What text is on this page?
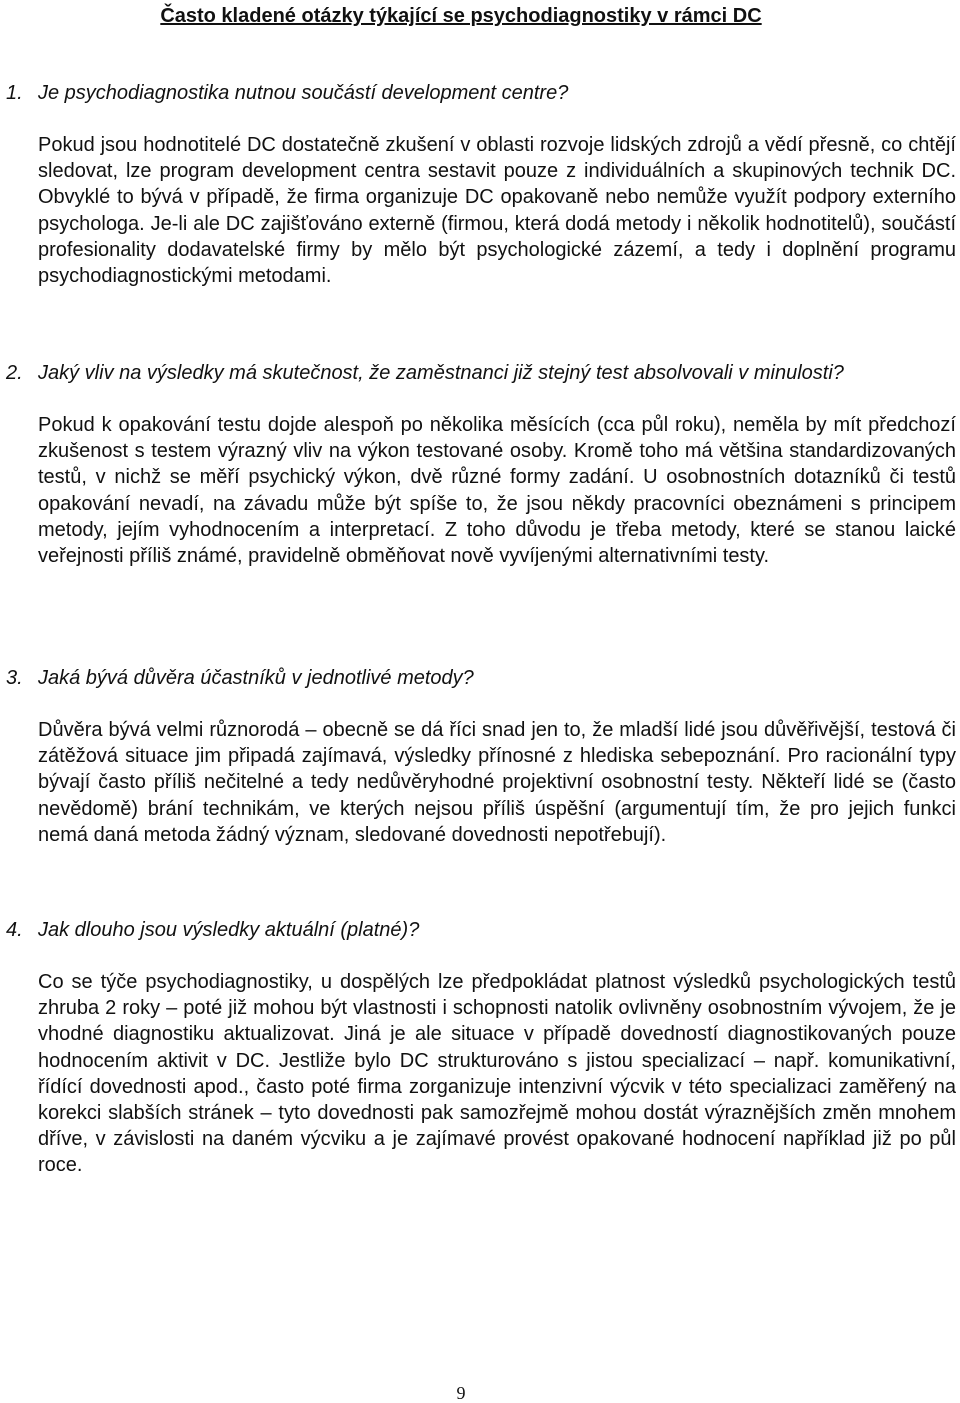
Často kladené otázky týkající se psychodiagnostiky v rámci DC
1. Je psychodiagnostika nutnou součástí development centre?

Pokud jsou hodnotitelé DC dostatečně zkušení v oblasti rozvoje lidských zdrojů a vědí přesně, co chtějí sledovat, lze program development centra sestavit pouze z individuálních a skupinových technik DC. Obvyklé to bývá v případě, že firma organizuje DC opakovaně nebo nemůže využít podpory externího psychologa. Je-li ale DC zajišťováno externě (firmou, která dodá metody i několik hodnotitelů), součástí profesionality dodavatelské firmy by mělo být psychologické zázemí, a tedy i doplnění programu psychodiagnostickými metodami.

2. Jaký vliv na výsledky má skutečnost, že zaměstnanci již stejný test absolvovali v minulosti?

Pokud k opakování testu dojde alespoň po několika měsících (cca půl roku), neměla by mít předchozí zkušenost s testem výrazný vliv na výkon testované osoby. Kromě toho má většina standardizovaných testů, v nichž se měří psychický výkon, dvě různé formy zadání. U osobnostních dotazníků či testů opakování nevadí, na závadu může být spíše to, že jsou někdy pracovníci obeznámeni s principem metody, jejím vyhodnocením a interpretací. Z toho důvodu je třeba metody, které se stanou laické veřejnosti příliš známé, pravidelně obměňovat nově vyvíjenými alternativními testy.

3. Jaká bývá důvěra účastníků v jednotlivé metody?

Důvěra bývá velmi různorodá – obecně se dá říci snad jen to, že mladší lidé jsou důvěřivější, testová či zátěžová situace jim připadá zajímavá, výsledky přínosné z hlediska sebepoznání. Pro racionální typy bývají často příliš nečitelné a tedy nedůvěryhodné projektivní osobnostní testy. Někteří lidé se (často nevědomě) brání technikám, ve kterých nejsou příliš úspěšní (argumentují tím, že pro jejich funkci nemá daná metoda žádný význam, sledované dovednosti nepotřebují).

4. Jak dlouho jsou výsledky aktuální (platné)?

Co se týče psychodiagnostiky, u dospělých lze předpokládat platnost výsledků psychologických testů zhruba 2 roky – poté již mohou být vlastnosti i schopnosti natolik ovlivněny osobnostním vývojem, že je vhodné diagnostiku aktualizovat. Jiná je ale situace v případě dovedností diagnostikovaných pouze hodnocením aktivit v DC. Jestliže bylo DC strukturováno s jistou specializací – např. komunikativní, řídící dovednosti apod., často poté firma zorganizuje intenzivní výcvik v této specializaci zaměřený na korekci slabších stránek – tyto dovednosti pak samozřejmě mohou dostát výraznějších změn mnohem dříve, v závislosti na daném výcviku a je zajímavé provést opakované hodnocení například již po půl roce.

9
